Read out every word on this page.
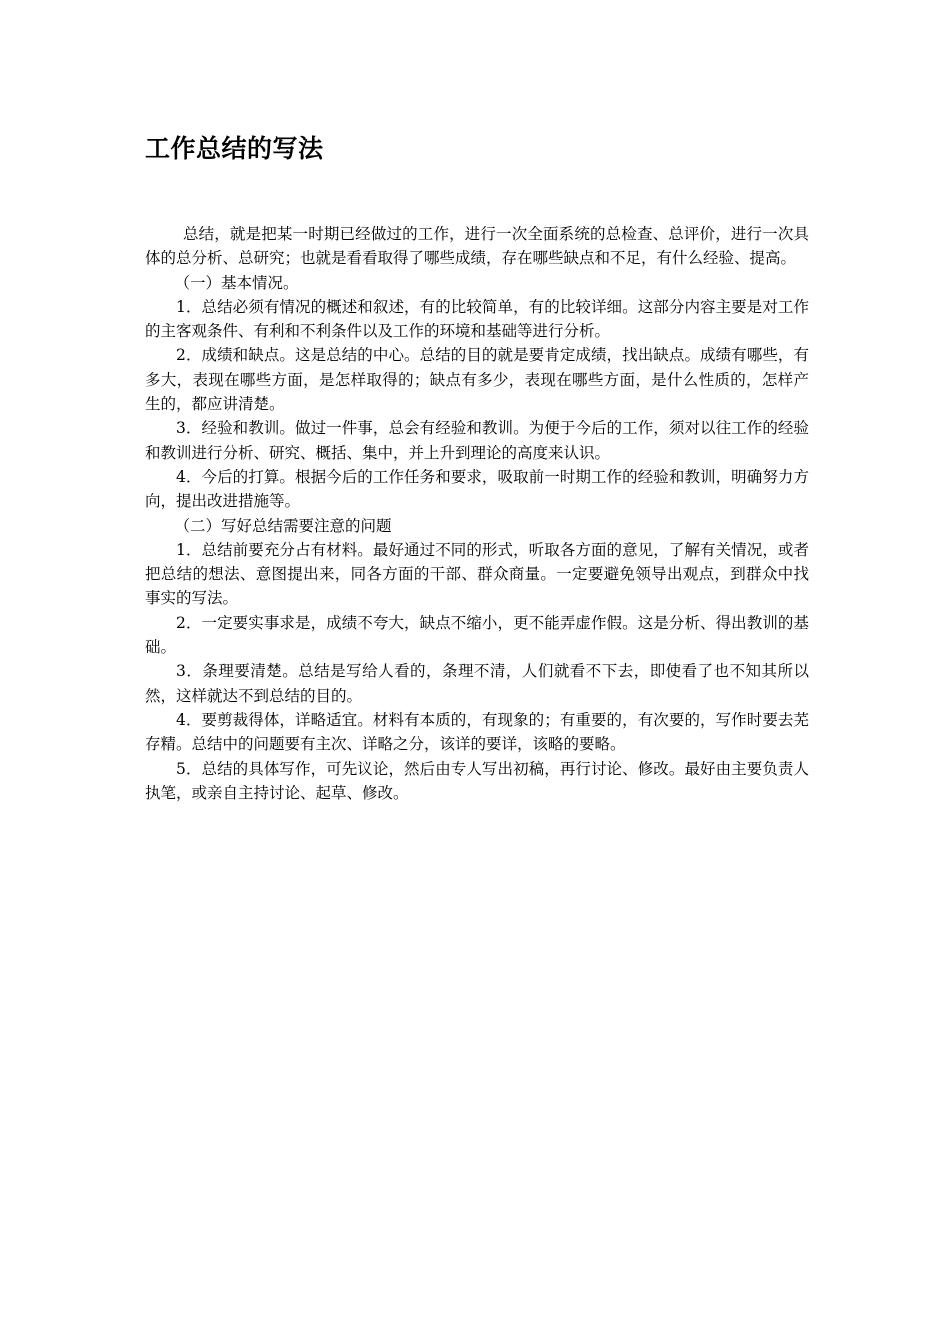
工作总结的写法

总结，就是把某一时期已经做过的工作，进行一次全面系统的总检查、总评价，进行一次具体的总分析、总研究；也就是看看取得了哪些成绩，存在哪些缺点和不足，有什么经验、提高。

（一）基本情况。

1．总结必须有情况的概述和叙述，有的比较简单，有的比较详细。这部分内容主要是对工作的主客观条件、有利和不利条件以及工作的环境和基础等进行分析。

2．成绩和缺点。这是总结的中心。总结的目的就是要肯定成绩，找出缺点。成绩有哪些，有多大，表现在哪些方面，是怎样取得的；缺点有多少，表现在哪些方面，是什么性质的，怎样产生的，都应讲清楚。

3．经验和教训。做过一件事，总会有经验和教训。为便于今后的工作，须对以往工作的经验和教训进行分析、研究、概括、集中，并上升到理论的高度来认识。

4．今后的打算。根据今后的工作任务和要求，吸取前一时期工作的经验和教训，明确努力方向，提出改进措施等。

（二）写好总结需要注意的问题

1．总结前要充分占有材料。最好通过不同的形式，听取各方面的意见，了解有关情况，或者把总结的想法、意图提出来，同各方面的干部、群众商量。一定要避免领导出观点，到群众中找事实的写法。

2．一定要实事求是，成绩不夸大，缺点不缩小，更不能弄虚作假。这是分析、得出教训的基础。

3．条理要清楚。总结是写给人看的，条理不清，人们就看不下去，即使看了也不知其所以然，这样就达不到总结的目的。

4．要剪裁得体，详略适宜。材料有本质的，有现象的；有重要的，有次要的，写作时要去芜存精。总结中的问题要有主次、详略之分，该详的要详，该略的要略。

5．总结的具体写作，可先议论，然后由专人写出初稿，再行讨论、修改。最好由主要负责人执笔，或亲自主持讨论、起草、修改。
